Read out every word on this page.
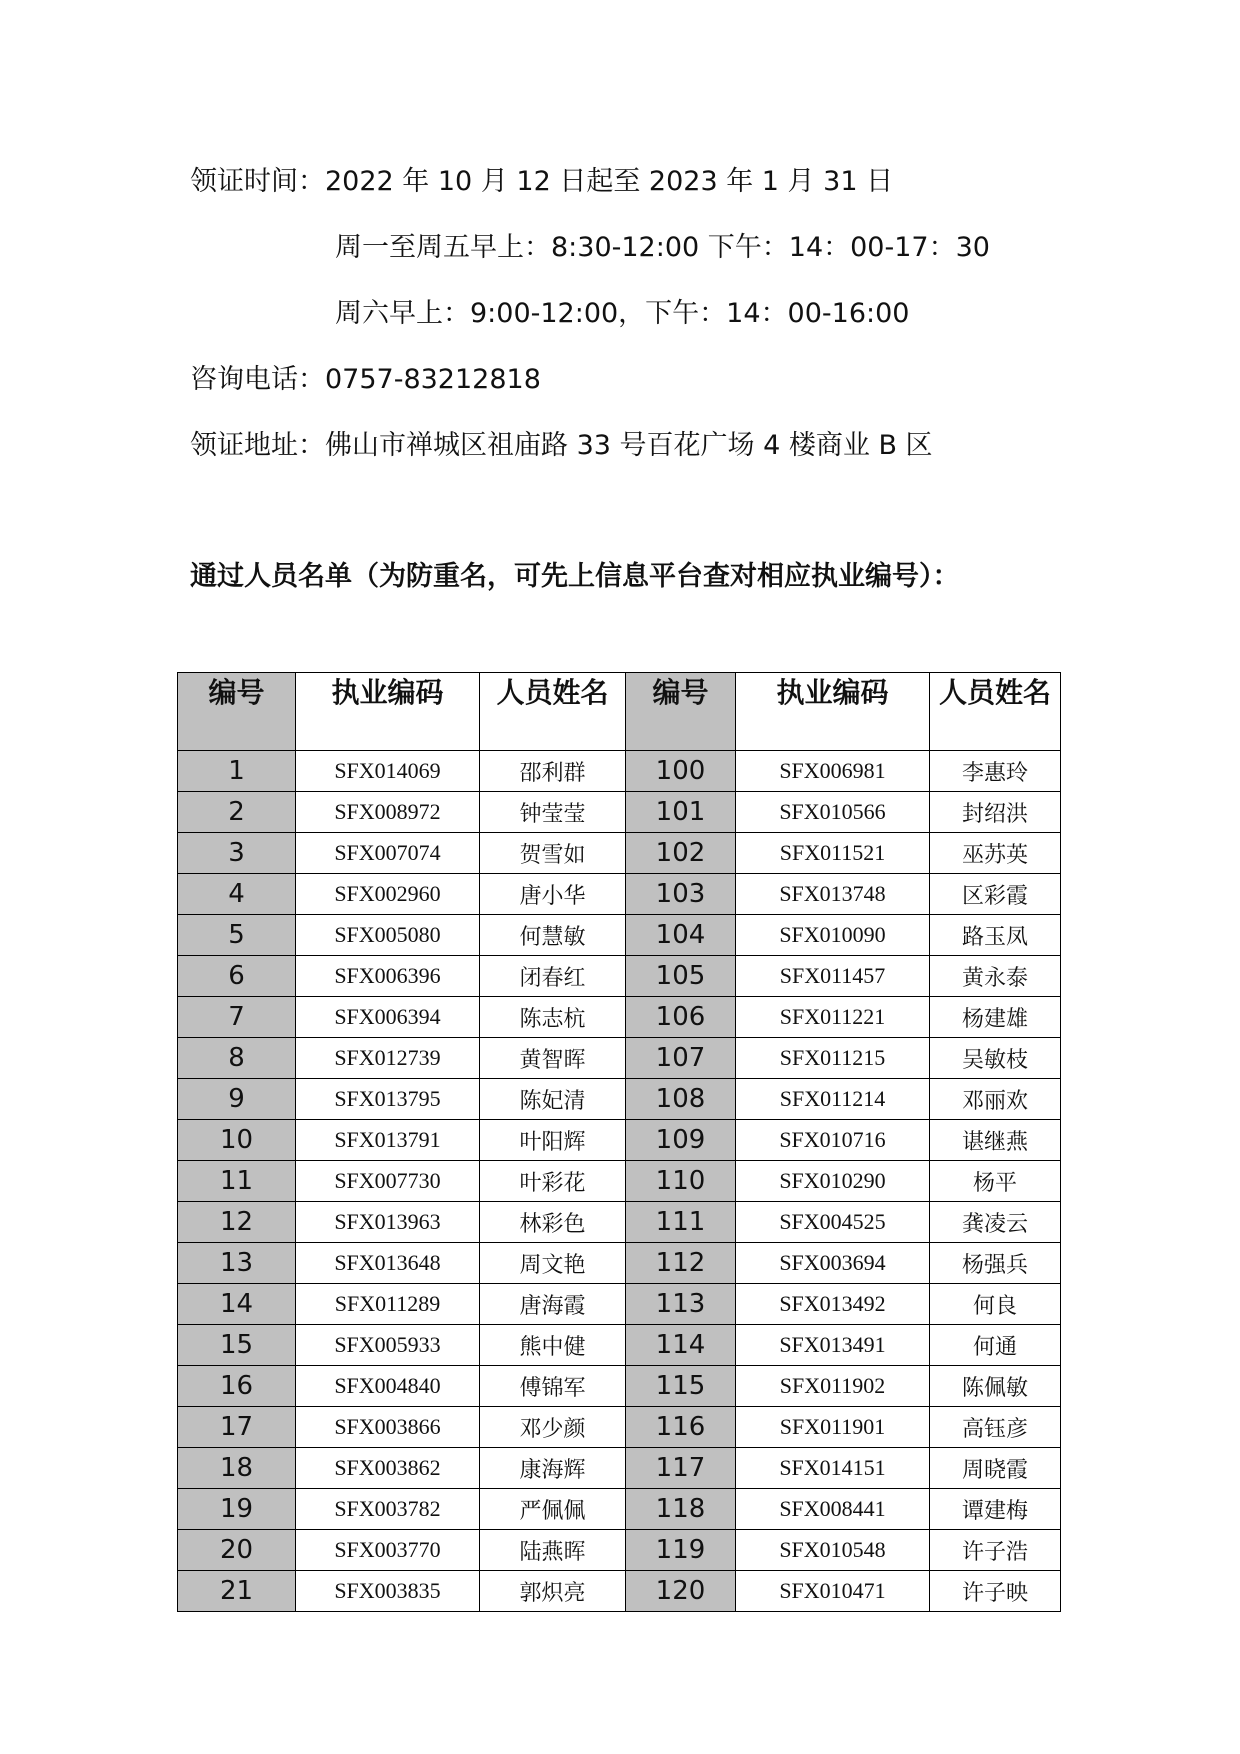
领证时间：2022 年 10 月 12 日起至 2023 年 1 月 31 日
周一至周五早上：8:30-12:00 下午：14：00-17：30
周六早上：9:00-12:00，下午：14：00-16:00
咨询电话：0757-83212818
领证地址：佛山市禅城区祖庙路 33 号百花广场 4 楼商业 B 区
通过人员名单（为防重名，可先上信息平台查对相应执业编号）：
编号	执业编码	人员姓名	编号	执业编码	人员姓名
1	SFX014069	邵利群	100	SFX006981	李惠玲
2	SFX008972	钟莹莹	101	SFX010566	封绍洪
3	SFX007074	贺雪如	102	SFX011521	巫苏英
4	SFX002960	唐小华	103	SFX013748	区彩霞
5	SFX005080	何慧敏	104	SFX010090	路玉凤
6	SFX006396	闭春红	105	SFX011457	黄永泰
7	SFX006394	陈志杭	106	SFX011221	杨建雄
8	SFX012739	黄智晖	107	SFX011215	吴敏枝
9	SFX013795	陈妃清	108	SFX011214	邓丽欢
10	SFX013791	叶阳辉	109	SFX010716	谌继燕
11	SFX007730	叶彩花	110	SFX010290	杨平
12	SFX013963	林彩色	111	SFX004525	龚凌云
13	SFX013648	周文艳	112	SFX003694	杨强兵
14	SFX011289	唐海霞	113	SFX013492	何良
15	SFX005933	熊中健	114	SFX013491	何通
16	SFX004840	傅锦军	115	SFX011902	陈佩敏
17	SFX003866	邓少颜	116	SFX011901	高钰彦
18	SFX003862	康海辉	117	SFX014151	周晓霞
19	SFX003782	严佩佩	118	SFX008441	谭建梅
20	SFX003770	陆燕晖	119	SFX010548	许子浩
21	SFX003835	郭炽亮	120	SFX010471	许子映
